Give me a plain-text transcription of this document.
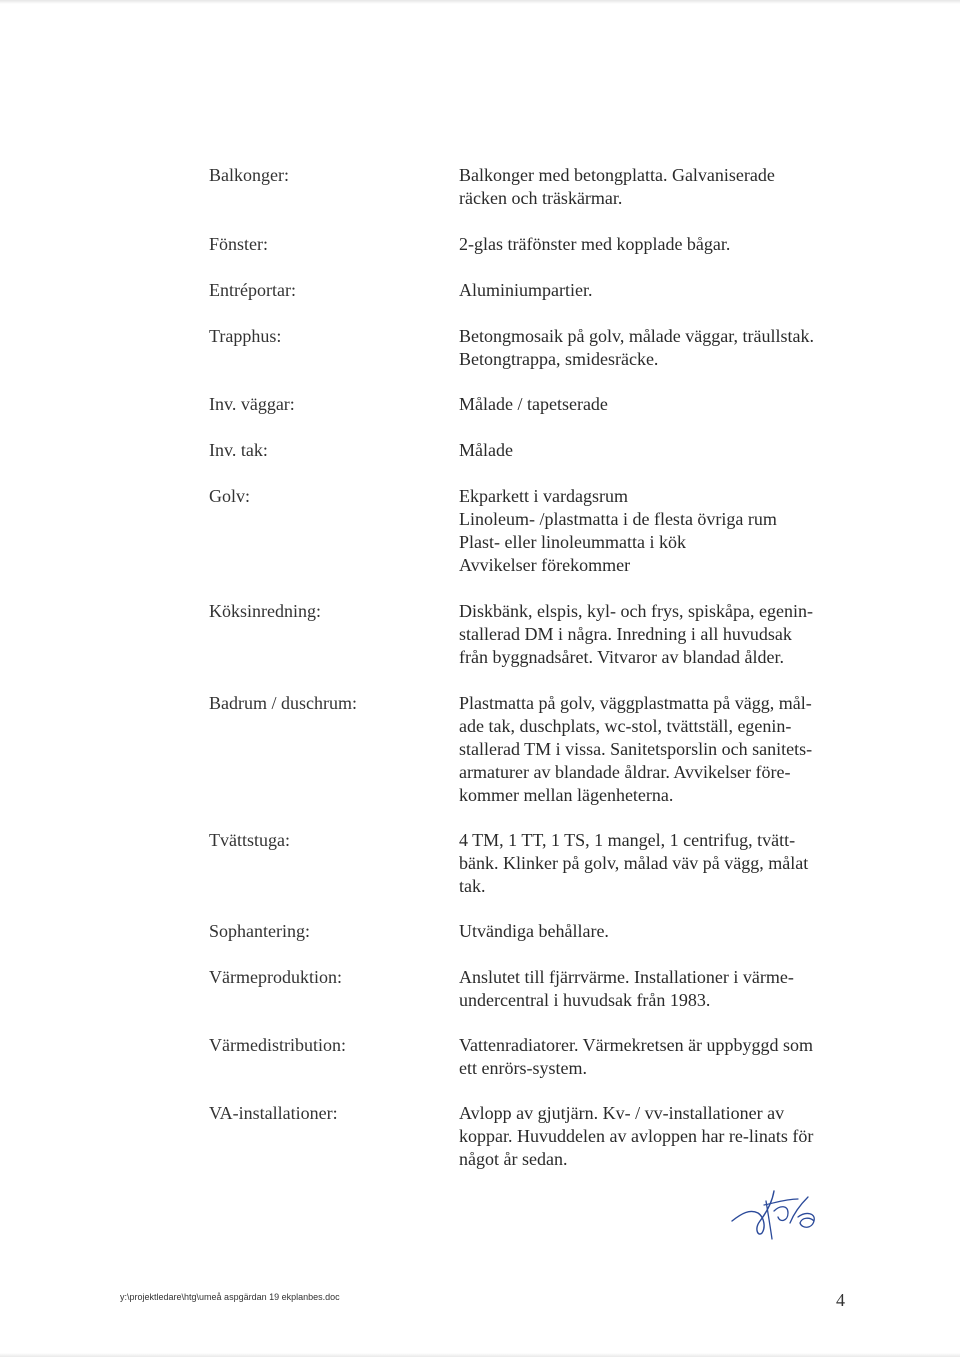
Balkonger:	Balkonger med betongplatta. Galvaniserade
räcken och träskärmar.
Fönster:	2-glas träfönster med kopplade bågar.
Entréportar:	Aluminiumpartier.
Trapphus:	Betongmosaik på golv, målade väggar, träullstak.
Betongtrappa, smidesräcke.
Inv. väggar:	Målade / tapetserade
Inv. tak:	Målade
Golv:	Ekparkett i vardagsrum
Linoleum- /plastmatta i de flesta övriga rum
Plast- eller linoleummatta i kök
Avvikelser förekommer
Köksinredning:	Diskbänk, elspis, kyl- och frys, spiskåpa, egenin-
stallerad DM i några. Inredning i all huvudsak
från byggnadsåret. Vitvaror av blandad ålder.
Badrum / duschrum:	Plastmatta på golv, väggplastmatta på vägg, mål-
ade tak, duschplats, wc-stol, tvättställ, egenin-
stallerad TM i vissa. Sanitetsporslin och sanitets-
armaturer av blandade åldrar. Avvikelser före-
kommer mellan lägenheterna.
Tvättstuga:	4 TM, 1 TT, 1 TS, 1 mangel, 1 centrifug, tvätt-
bänk. Klinker på golv, målad väv på vägg, målat
tak.
Sophantering:	Utvändiga behållare.
Värmeproduktion:	Anslutet till fjärrvärme. Installationer i värme-
undercentral i huvudsak från 1983.
Värmedistribution:	Vattenradiatorer. Värmekretsen är uppbyggd som
ett enrörs-system.
VA-installationer:	Avlopp av gjutjärn. Kv- / vv-installationer av
koppar. Huvuddelen av avloppen har re-linats för
något år sedan.
y:\projektledare\htg\umeå aspgärdan 19 ekplanbes.doc	4
